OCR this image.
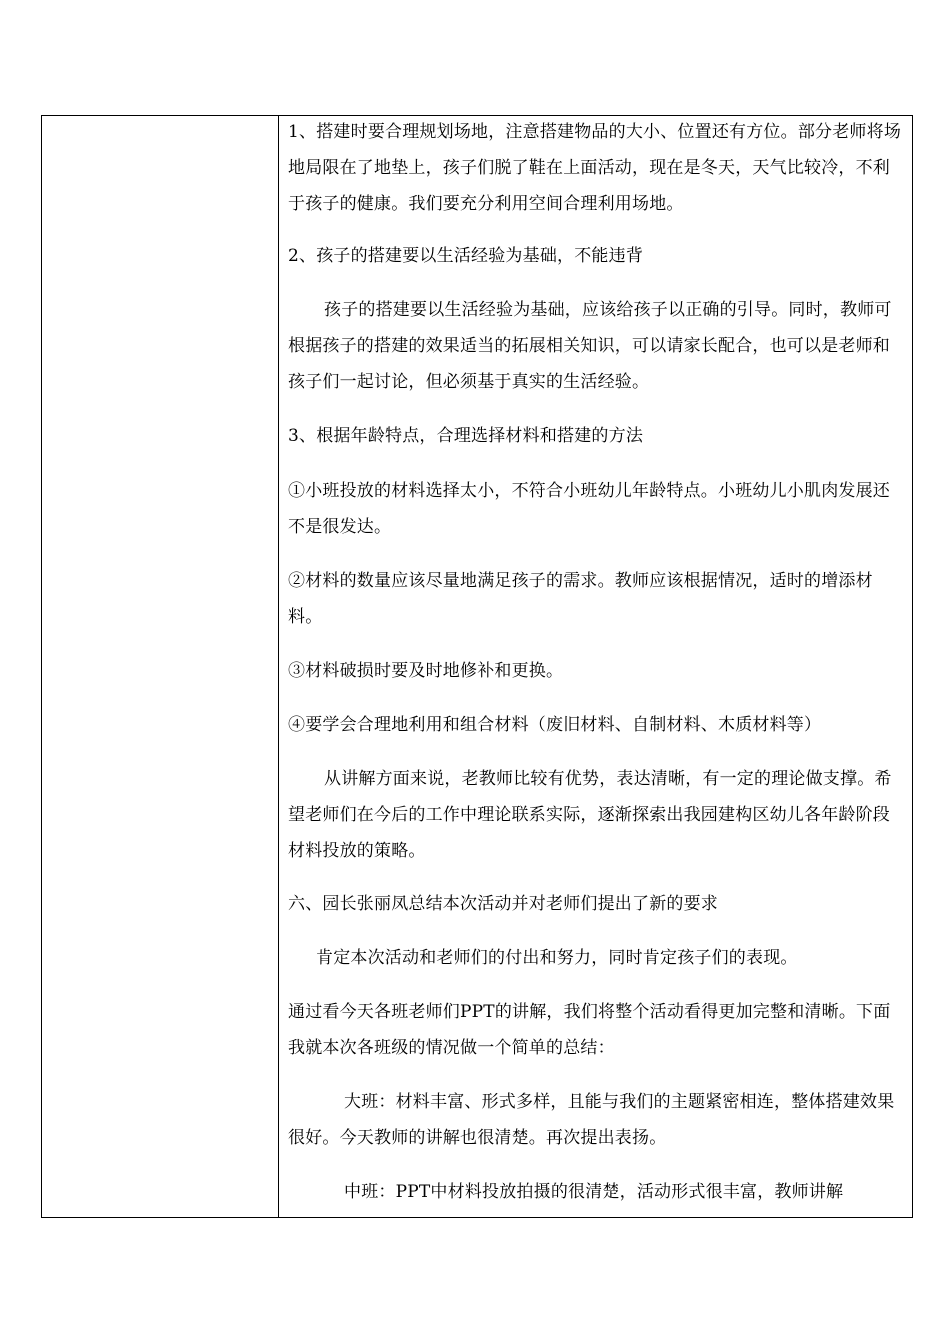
1、搭建时要合理规划场地，注意搭建物品的大小、位置还有方位。部分老师将场地局限在了地垫上，孩子们脱了鞋在上面活动，现在是冬天，天气比较冷，不利于孩子的健康。我们要充分利用空间合理利用场地。

2、孩子的搭建要以生活经验为基础，不能违背

孩子的搭建要以生活经验为基础，应该给孩子以正确的引导。同时，教师可根据孩子的搭建的效果适当的拓展相关知识，可以请家长配合，也可以是老师和孩子们一起讨论，但必须基于真实的生活经验。

3、根据年龄特点，合理选择材料和搭建的方法

①小班投放的材料选择太小，不符合小班幼儿年龄特点。小班幼儿小肌肉发展还不是很发达。

②材料的数量应该尽量地满足孩子的需求。教师应该根据情况，适时的增添材料。

③材料破损时要及时地修补和更换。

④要学会合理地利用和组合材料（废旧材料、自制材料、木质材料等）

从讲解方面来说，老教师比较有优势，表达清晰，有一定的理论做支撑。希望老师们在今后的工作中理论联系实际，逐渐探索出我园建构区幼儿各年龄阶段材料投放的策略。

六、园长张丽凤总结本次活动并对老师们提出了新的要求

肯定本次活动和老师们的付出和努力，同时肯定孩子们的表现。

通过看今天各班老师们PPT的讲解，我们将整个活动看得更加完整和清晰。下面我就本次各班级的情况做一个简单的总结：

大班：材料丰富、形式多样，且能与我们的主题紧密相连，整体搭建效果很好。今天教师的讲解也很清楚。再次提出表扬。

中班：PPT中材料投放拍摄的很清楚，活动形式很丰富，教师讲解
